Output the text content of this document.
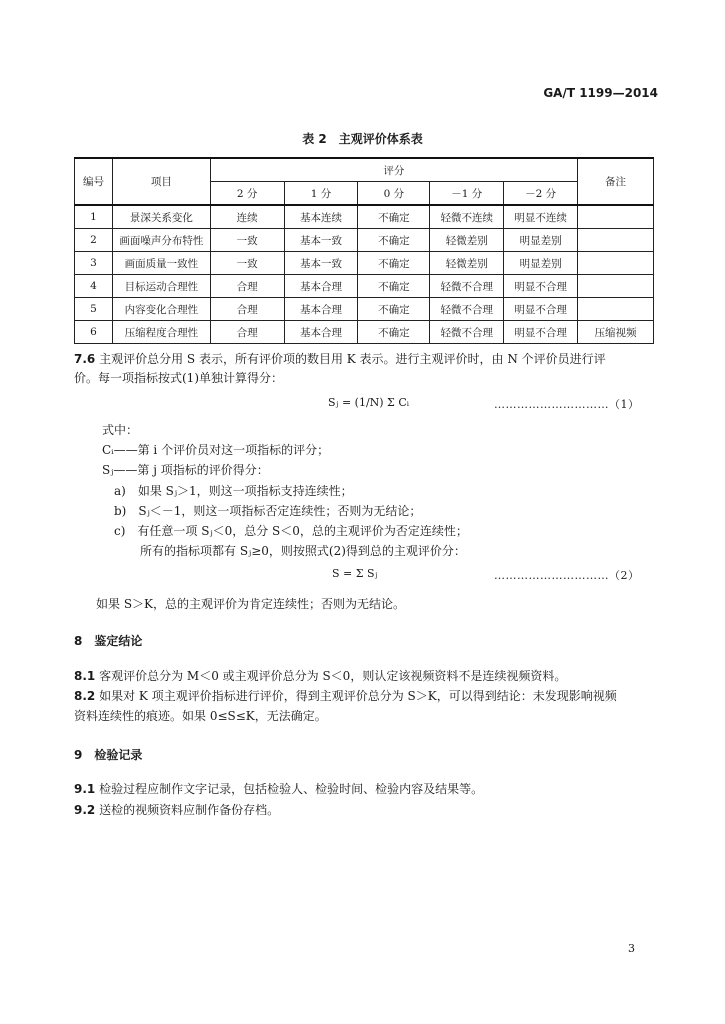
GA/T 1199—2014
表 2　主观评价体系表
编号	项目	评分					备注
		2 分	1 分	0 分	－1 分	－2 分	
1	景深关系变化	连续	基本连续	不确定	轻微不连续	明显不连续	
2	画面噪声分布特性	一致	基本一致	不确定	轻微差别	明显差别	
3	画面质量一致性	一致	基本一致	不确定	轻微差别	明显差别	
4	目标运动合理性	合理	基本合理	不确定	轻微不合理	明显不合理	
5	内容变化合理性	合理	基本合理	不确定	轻微不合理	明显不合理	
6	压缩程度合理性	合理	基本合理	不确定	轻微不合理	明显不合理	压缩视频
7.6 主观评价总分用 S 表示，所有评价项的数目用 K 表示。进行主观评价时，由 N 个评价员进行评
价。每一项指标按式(1)单独计算得分：
Sⱼ = (1/N) Σ Cᵢ	…………………………（1）
式中：
Cᵢ——第 i 个评价员对这一项指标的评分；
Sⱼ——第 j 项指标的评价得分：
a)　如果 Sⱼ＞1，则这一项指标支持连续性；
b)　Sⱼ＜－1，则这一项指标否定连续性；否则为无结论；
c)　有任意一项 Sⱼ＜0，总分 S＜0，总的主观评价为否定连续性；
所有的指标项都有 Sⱼ≥0，则按照式(2)得到总的主观评价分：
S = Σ Sⱼ	…………………………（2）
如果 S＞K，总的主观评价为肯定连续性；否则为无结论。
8　鉴定结论
8.1 客观评价总分为 M＜0 或主观评价总分为 S＜0，则认定该视频资料不是连续视频资料。
8.2 如果对 K 项主观评价指标进行评价，得到主观评价总分为 S＞K，可以得到结论：未发现影响视频
资料连续性的痕迹。如果 0≤S≤K，无法确定。
9　检验记录
9.1 检验过程应制作文字记录，包括检验人、检验时间、检验内容及结果等。
9.2 送检的视频资料应制作备份存档。
3
